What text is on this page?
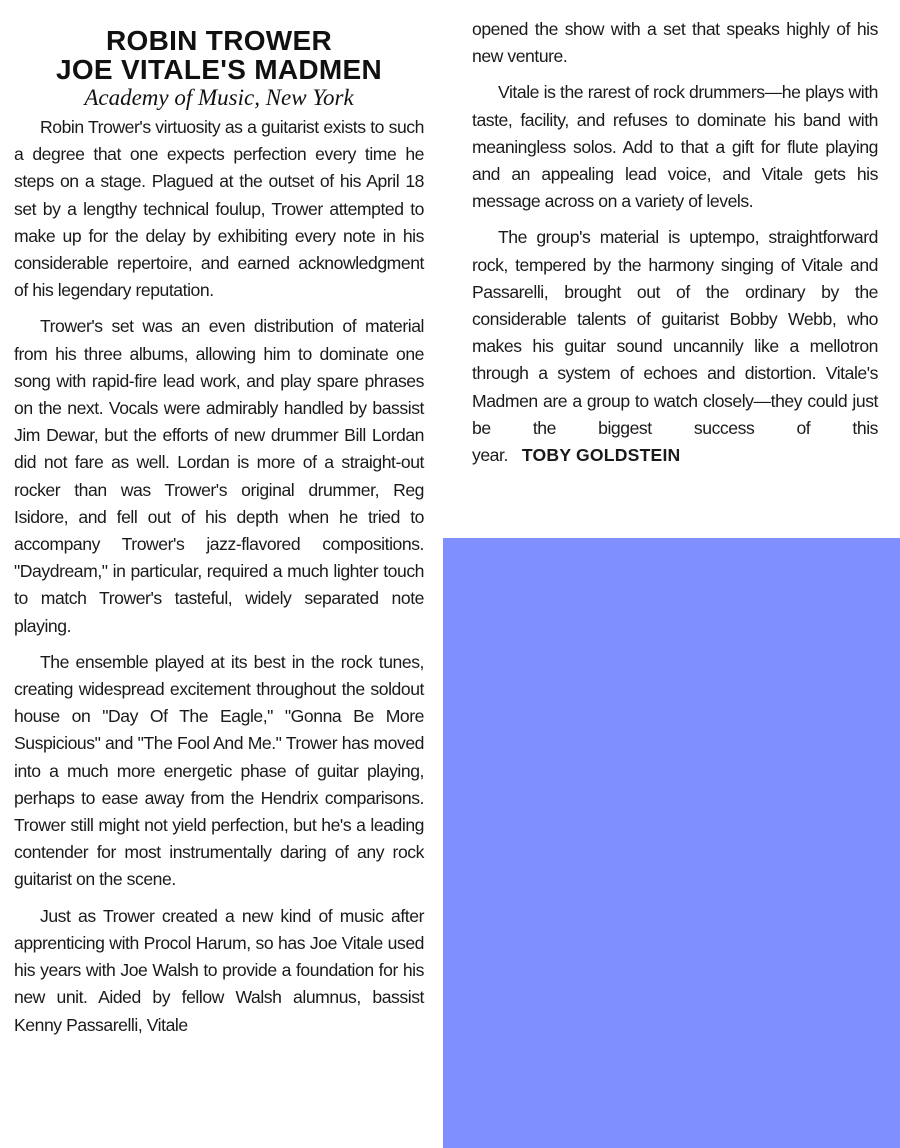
ROBIN TROWER
JOE VITALE'S MADMEN
Academy of Music, New York

Robin Trower's virtuosity as a guitarist exists to such a degree that one expects perfection every time he steps on a stage. Plagued at the outset of his April 18 set by a lengthy technical foulup, Trower attempted to make up for the delay by exhibiting every note in his considerable repertoire, and earned acknowledgment of his legendary reputation.

Trower's set was an even distribution of material from his three albums, allowing him to dominate one song with rapid-fire lead work, and play spare phrases on the next. Vocals were admirably handled by bassist Jim Dewar, but the efforts of new drummer Bill Lordan did not fare as well. Lordan is more of a straight-out rocker than was Trower's original drummer, Reg Isidore, and fell out of his depth when he tried to accompany Trower's jazz-flavored compositions. "Daydream," in particular, required a much lighter touch to match Trower's tasteful, widely separated note playing.

The ensemble played at its best in the rock tunes, creating widespread excitement throughout the soldout house on "Day Of The Eagle," "Gonna Be More Suspicious" and "The Fool And Me." Trower has moved into a much more energetic phase of guitar playing, perhaps to ease away from the Hendrix comparisons. Trower still might not yield perfection, but he's a leading contender for most instrumentally daring of any rock guitarist on the scene.

Just as Trower created a new kind of music after apprenticing with Procol Harum, so has Joe Vitale used his years with Joe Walsh to provide a foundation for his new unit. Aided by fellow Walsh alumnus, bassist Kenny Passarelli, Vitale

opened the show with a set that speaks highly of his new venture.

Vitale is the rarest of rock drummers—he plays with taste, facility, and refuses to dominate his band with meaningless solos. Add to that a gift for flute playing and an appealing lead voice, and Vitale gets his message across on a variety of levels.

The group's material is uptempo, straightforward rock, tempered by the harmony singing of Vitale and Passarelli, brought out of the ordinary by the considerable talents of guitarist Bobby Webb, who makes his guitar sound uncannily like a mellotron through a system of echoes and distortion. Vitale's Madmen are a group to watch closely—they could just be the biggest success of this year. TOBY GOLDSTEIN
